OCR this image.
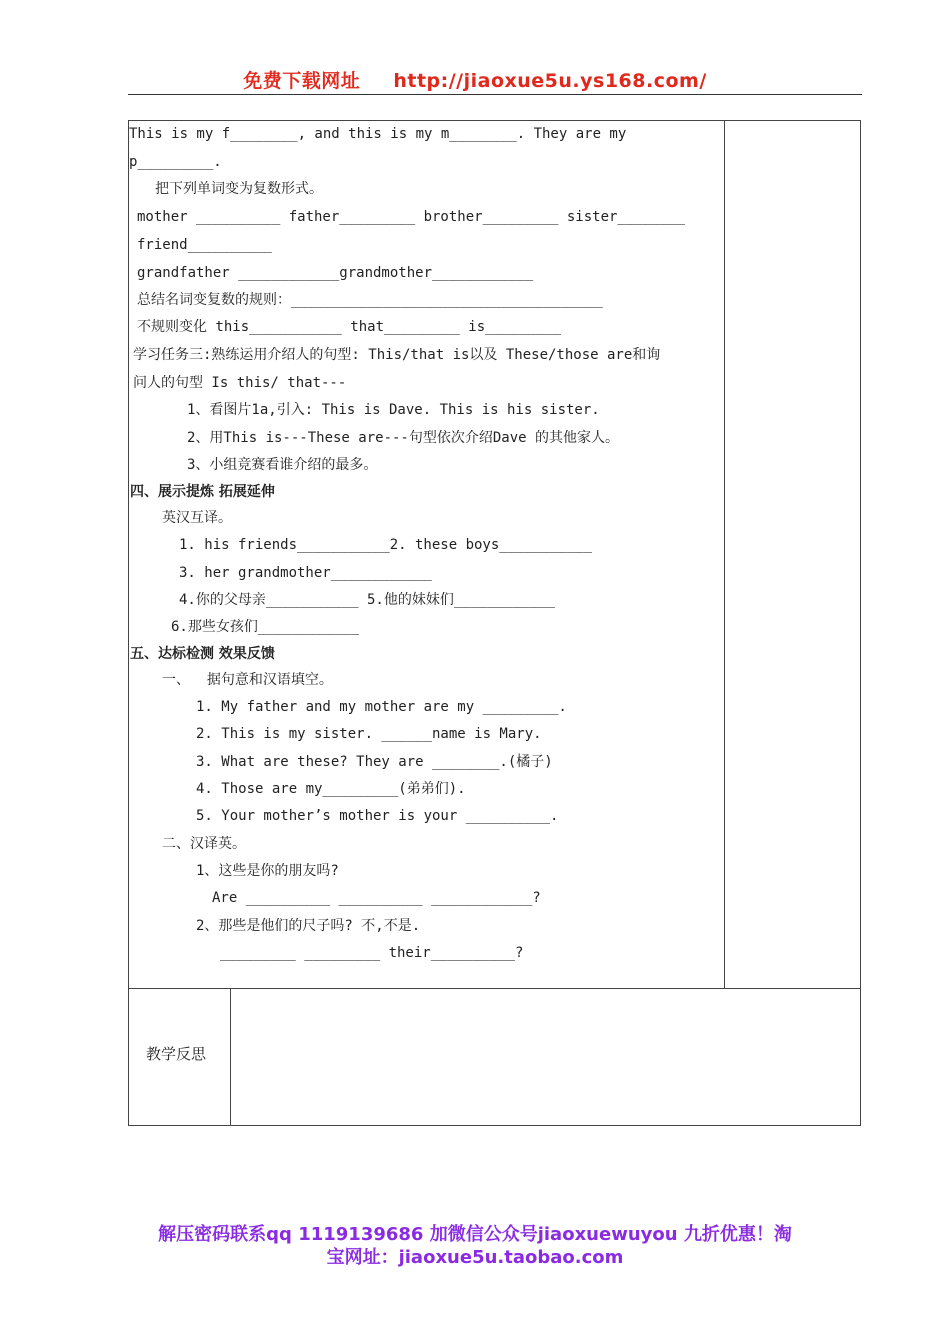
免费下载网址 http://jiaoxue5u.ys168.com/
This is my f________, and this is my m________. They are my
p_________.
把下列单词变为复数形式。
mother __________ father_________ brother_________ sister________
friend__________
grandfather ____________grandmother____________
总结名词变复数的规则：_____________________________________
不规则变化 this___________ that_________ is_________
学习任务三:熟练运用介绍人的句型: This/that is以及 These/those are和询
问人的句型 Is this/ that---
1、看图片1a,引入: This is Dave. This is his sister.
2、用This is---These are---句型依次介绍Dave 的其他家人。
3、小组竞赛看谁介绍的最多。
四、展示提炼 拓展延伸
英汉互译。
1. his friends___________2. these boys___________
3. her grandmother____________
4.你的父母亲___________ 5.他的妹妹们____________
6.那些女孩们____________
五、达标检测 效果反馈
一、  据句意和汉语填空。
1. My father and my mother are my _________.
2. This is my sister. ______name is Mary.
3. What are these? They are ________.(橘子)
4. Those are my_________(弟弟们).
5. Your mother’s mother is your __________.
二、汉译英。
1、这些是你的朋友吗?
Are __________ __________ ____________?
2、那些是他们的尺子吗? 不,不是.
_________ _________ their__________?
教学反思
解压密码联系qq 1119139686 加微信公众号jiaoxuewuyou 九折优惠！淘
宝网址：jiaoxue5u.taobao.com
